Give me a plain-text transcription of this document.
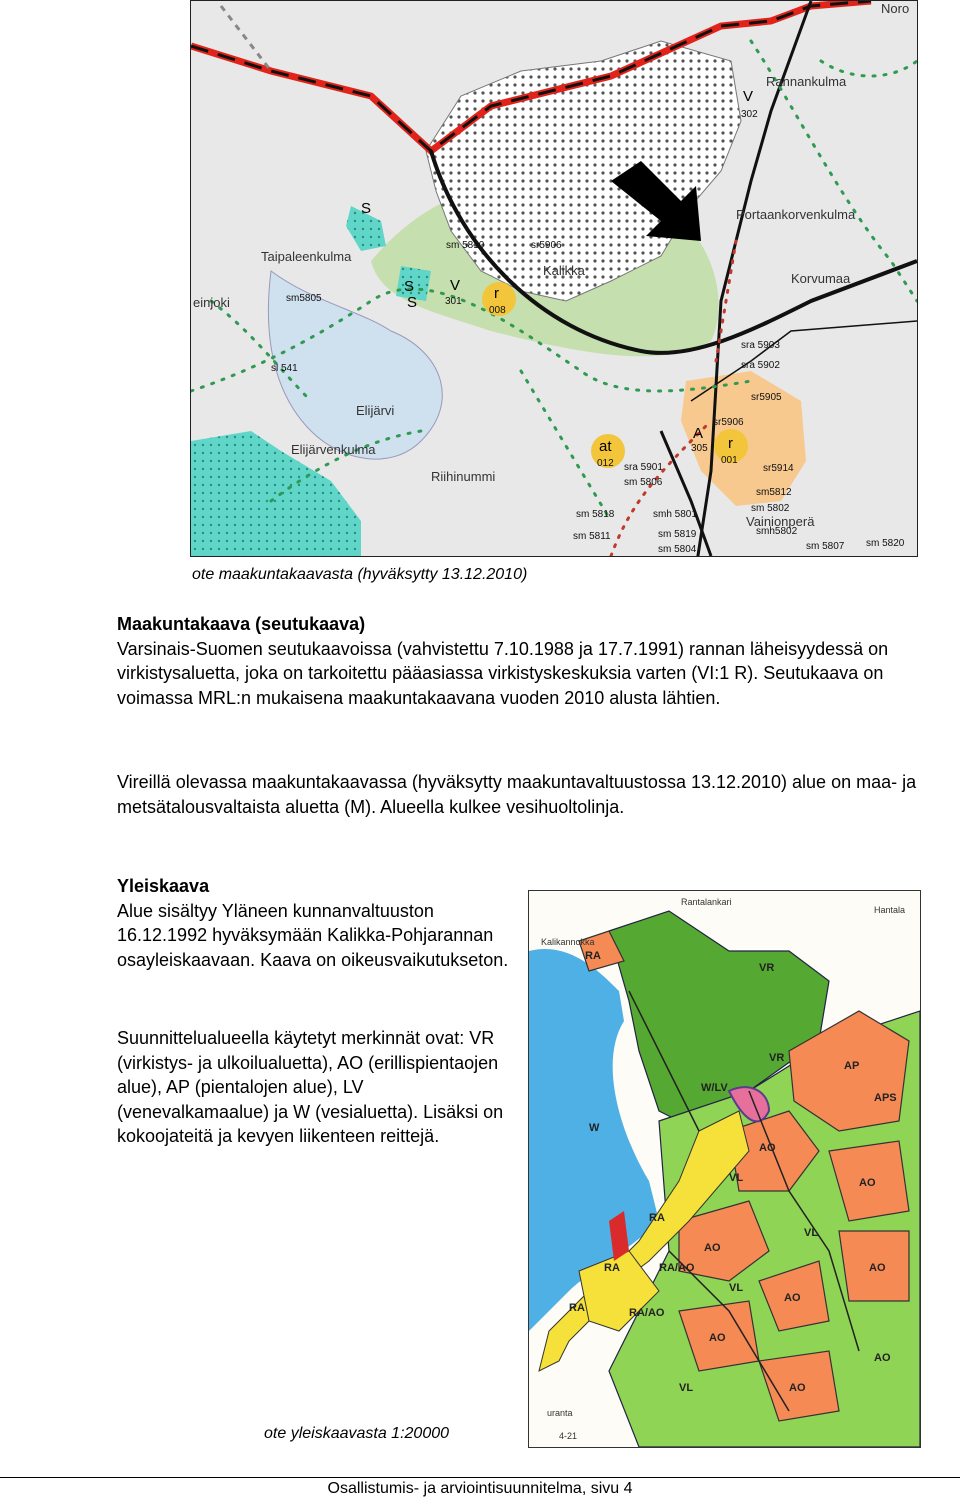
Rannankulma
Portaankorvenkulma
Korvumaa
Taipaleenkulma
einjoki
Elijärvi
Elijärvenkulma
Riihinummi
Vainionperä
Kalikka
Noro
V
V r
r
at
A
S
S
S
302
301
008
001
012
305
sm 5810	sr5906
sm5805
sl 541
sra 5903
sra 5902
sr5905
sr5906
sra 5901
sm 5806
sr5914
sm5812
sm 5802
sm 5818	smh 5801
sm 5811	sm 5819	smh5802
sm 5804	sm 5807 sm 5820
ote maakuntakaavasta (hyväksytty 13.12.2010)

Maakuntakaava (seutukaava)
Varsinais-Suomen seutukaavoissa (vahvistettu 7.10.1988 ja 17.7.1991) rannan läheisyydessä on virkistysaluetta, joka on tarkoitettu pääasiassa virkistyskeskuksia varten (VI:1 R). Seutukaava on voimassa MRL:n mukaisena maakuntakaavana vuoden 2010 alusta lähtien.

Vireillä olevassa maakuntakaavassa (hyväksytty maakuntavaltuustossa 13.12.2010) alue on maa- ja metsätalousvaltaista aluetta (M). Alueella kulkee vesihuoltolinja.

Yleiskaava
Alue sisältyy Yläneen kunnanvaltuuston 16.12.1992 hyväksymään Kalikka-Pohjarannan osayleiskaavaan. Kaava on oikeusvaikutukseton.

Suunnittelualueella käytetyt merkinnät ovat: VR (virkistys- ja ulkoilualuetta), AO (erillispientaojen alue), AP (pientalojen alue), LV (venevalkamaalue) ja W (vesialuetta). Lisäksi on kokoojateitä ja kevyen liikenteen reittejä.

Rantalankari
Hantala
Kalikannokka
uranta
4-21
RA
VR
VR
W
W/LV
AP
APS
AO
AO
AO
AO
AO
AO
AO
AO
VL
VL
VL
VL
RA
RA
RA
RA/AO
RA/AO
ote yleiskaavasta 1:20000
Osallistumis- ja arviointisuunnitelma, sivu 4
